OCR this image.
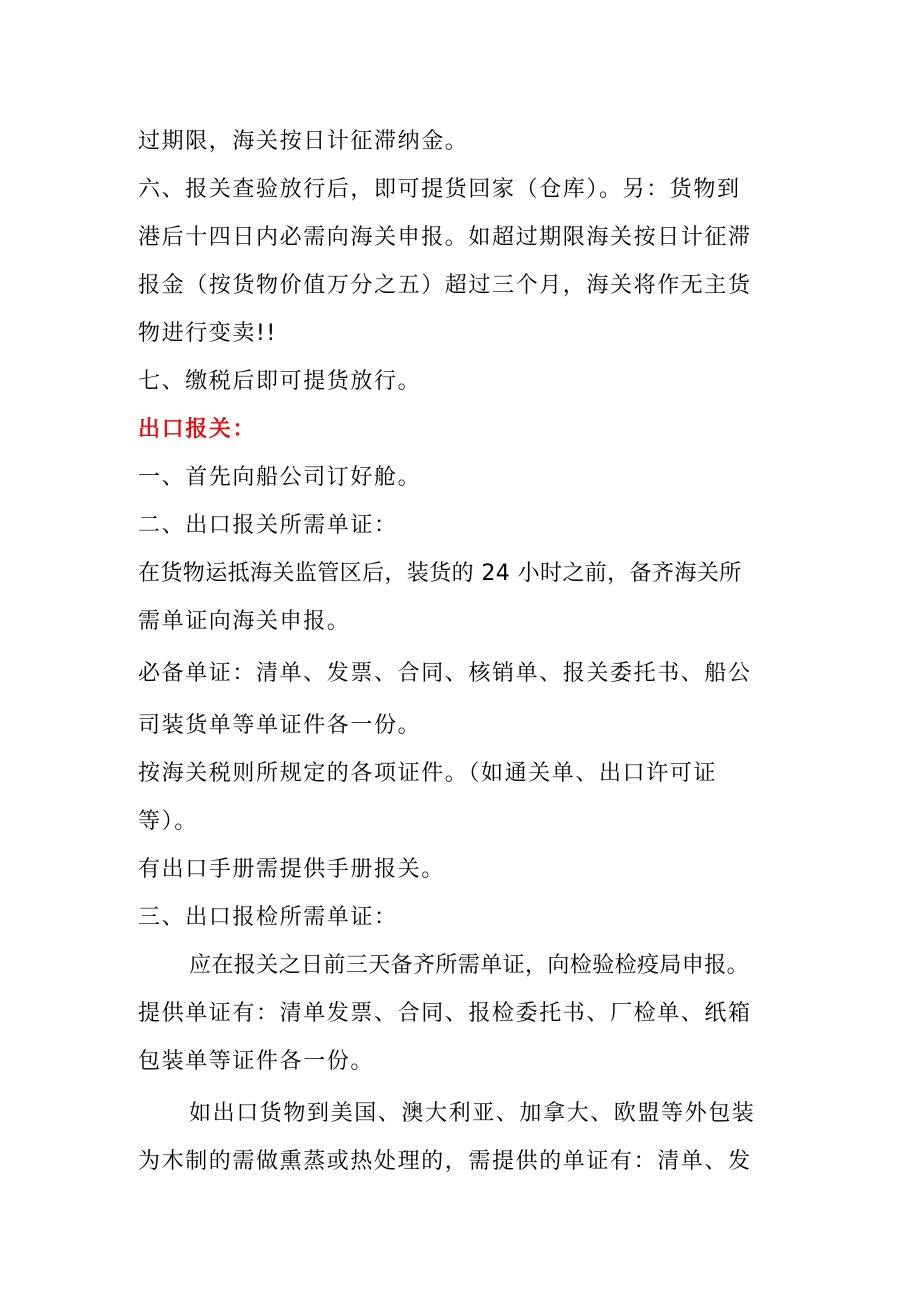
过期限，海关按日计征滞纳金。
六、报关查验放行后，即可提货回家（仓库）。另：货物到
港后十四日内必需向海关申报。如超过期限海关按日计征滞
报金（按货物价值万分之五）超过三个月，海关将作无主货
物进行变卖!!
七、缴税后即可提货放行。
出口报关：
一、首先向船公司订好舱。
二、出口报关所需单证：
在货物运抵海关监管区后，装货的 24 小时之前，备齐海关所
需单证向海关申报。
必备单证：清单、发票、合同、核销单、报关委托书、船公
司装货单等单证件各一份。
按海关税则所规定的各项证件。（如通关单、出口许可证
等）。
有出口手册需提供手册报关。
三、出口报检所需单证：
应在报关之日前三天备齐所需单证，向检验检疫局申报。
提供单证有：清单发票、合同、报检委托书、厂检单、纸箱
包装单等证件各一份。
如出口货物到美国、澳大利亚、加拿大、欧盟等外包装
为木制的需做熏蒸或热处理的，需提供的单证有：清单、发
